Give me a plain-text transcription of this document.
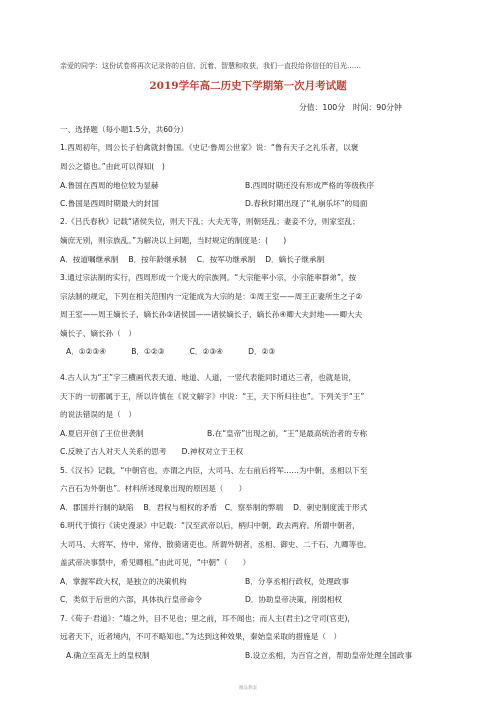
亲爱的同学：这份试卷将再次记录你的自信、沉着、智慧和收获，我们一直投给你信任的目光……
2019学年高二历史下学期第一次月考试题
分值：100分　时间：90分钟
一、选择题（每小题1.5分，共60分）
1.西周初年，周公长子伯禽就封鲁国。《史记·鲁周公世家》说：“鲁有天子之礼乐者，以褒
周公之德也。”由此可以得知(　)
A.鲁国在西周的地位较为显赫	B.西周时期还没有形成严格的等级秩序
C.鲁国是西周时期最大的封国	D.春秋时期出现了“礼崩乐坏”的局面
2.《吕氏春秋》记载“诸侯失位，则天下乱；大夫无等，则朝廷乱；妻妾不分，则家室乱；
嫡庶无别，则宗族乱。”为解决以上问题，当时规定的制度是：(　　)
A．按道嘱继承制　 B．按年龄继承制　 C．按军功继承制　 D．嫡长子继承制
3.通过宗法制的实行，西周形成一个庞大的宗族网。“大宗能率小宗，小宗能率群弟”，按
宗法制的规定，下列在相关范围内一定能成为大宗的是：①周王室——周王正妻所生之子②
周王室——周王嫡长子、嫡长孙③诸侯国——诸侯嫡长子、嫡长孙④卿大夫封地——卿大夫
嫡长子、嫡长孙（　）
A．①②③④　　　 B．①②③　　　 C．②③④　　　 D．②③
4.古人认为“王”字三横画代表天道、地道、人道，一竖代表能同时通达三者，也就是说，
天下的一切都属于王，所以许慎在《说文解字》中说：“王，天下所归往也”。下列关于“王”
的说法错误的是（　）
A.夏启开创了王位世袭制	B.在“皇帝”出现之前，“王”是最高统治者的专称
C.反映了古人对天人关系的思考　　D.神权对立于王权
5.《汉书》记载，“中朝官也，亦谓之内臣，大司马、左右前后将军……为中朝，丞相以下至
六百石为外朝也”。材料所述现象出现的原因是（　　）
A．郡国并行制的缺陷　 B．君权与相权的矛盾　C．察举制的弊端　 D．刺史制度流于形式
6.明代于慎行《读史漫录》中记载：“汉至武帝以后，柄归中朝，政去两府。所谓中朝者，
大司马、大将军、侍中、常侍、散骑诸吏也。所谓外朝者，丞相、御史、二千石、九卿等也。
盖武帝决事禁中，希见卿相。”由此可见，“中朝”（　　）
A．掌握军政大权，是独立的决策机构	B．分享丞相行政权，处理政事
C．类似于后世的六部，具体执行皇帝命令	D．协助皇帝决策，削弱相权
7.《荀子·君道》：“墙之外，目不见也；里之前，耳不闻也；而人主(君主)之守司(官吏)，
远者天下，近者境内，不可不略知也。”为达到这种效果，秦始皇采取的措施是（　）
A.确立至高无上的皇权制	B.设立丞相，为百官之首，帮助皇帝处理全国政事
精品教案
